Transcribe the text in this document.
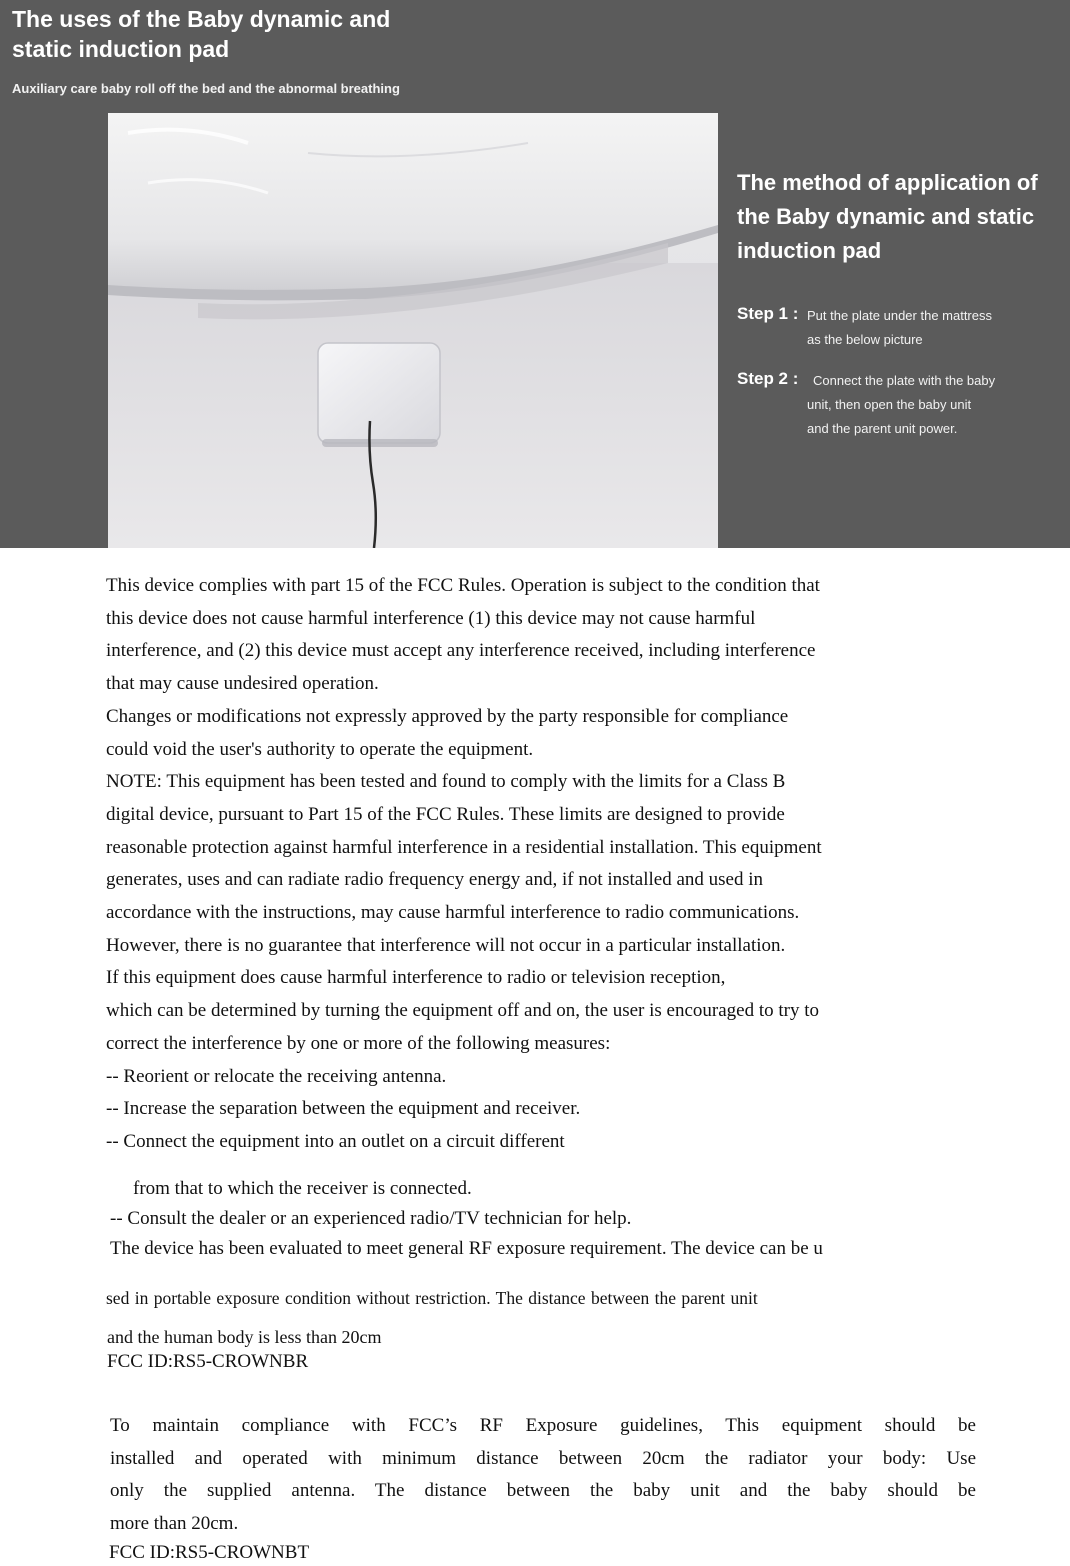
The uses of the Baby dynamic and
static induction pad
Auxiliary care baby roll off the bed and the abnormal breathing
The method of application of
the Baby dynamic and static
induction pad
Step 1 : Put the plate under the mattress
as the below picture
Step 2 :	Connect the plate with the baby
unit, then open the baby unit
and the parent unit power.
This device complies with part 15 of the FCC Rules. Operation is subject to the condition that
this device does not cause harmful interference (1) this device may not cause harmful
interference, and (2) this device must accept any interference received, including interference
that may cause undesired operation.
Changes or modifications not expressly approved by the party responsible for compliance
could void the user's authority to operate the equipment.
NOTE: This equipment has been tested and found to comply with the limits for a Class B
digital device, pursuant to Part 15 of the FCC Rules. These limits are designed to provide
reasonable protection against harmful interference in a residential installation. This equipment
generates, uses and can radiate radio frequency energy and, if not installed and used in
accordance with the instructions, may cause harmful interference to radio communications.
However, there is no guarantee that interference will not occur in a particular installation.
If this equipment does cause harmful interference to radio or television reception,
which can be determined by turning the equipment off and on, the user is encouraged to try to
correct the interference by one or more of the following measures:
-- Reorient or relocate the receiving antenna.
-- Increase the separation between the equipment and receiver.
-- Connect the equipment into an outlet on a circuit different
from that to which the receiver is connected.
-- Consult the dealer or an experienced radio/TV technician for help.
The device has been evaluated to meet general RF exposure requirement. The device can be u
sed in portable exposure condition without restriction. The distance between the parent unit
and the human body is less than 20cm
FCC ID:RS5-CROWNBR
To maintain compliance with FCC’s RF Exposure guidelines, This equipment should be
installed and operated with minimum distance between 20cm the radiator your body: Use
only the supplied antenna. The distance between the baby unit and the baby should be
more than 20cm.
FCC ID:RS5-CROWNBT
